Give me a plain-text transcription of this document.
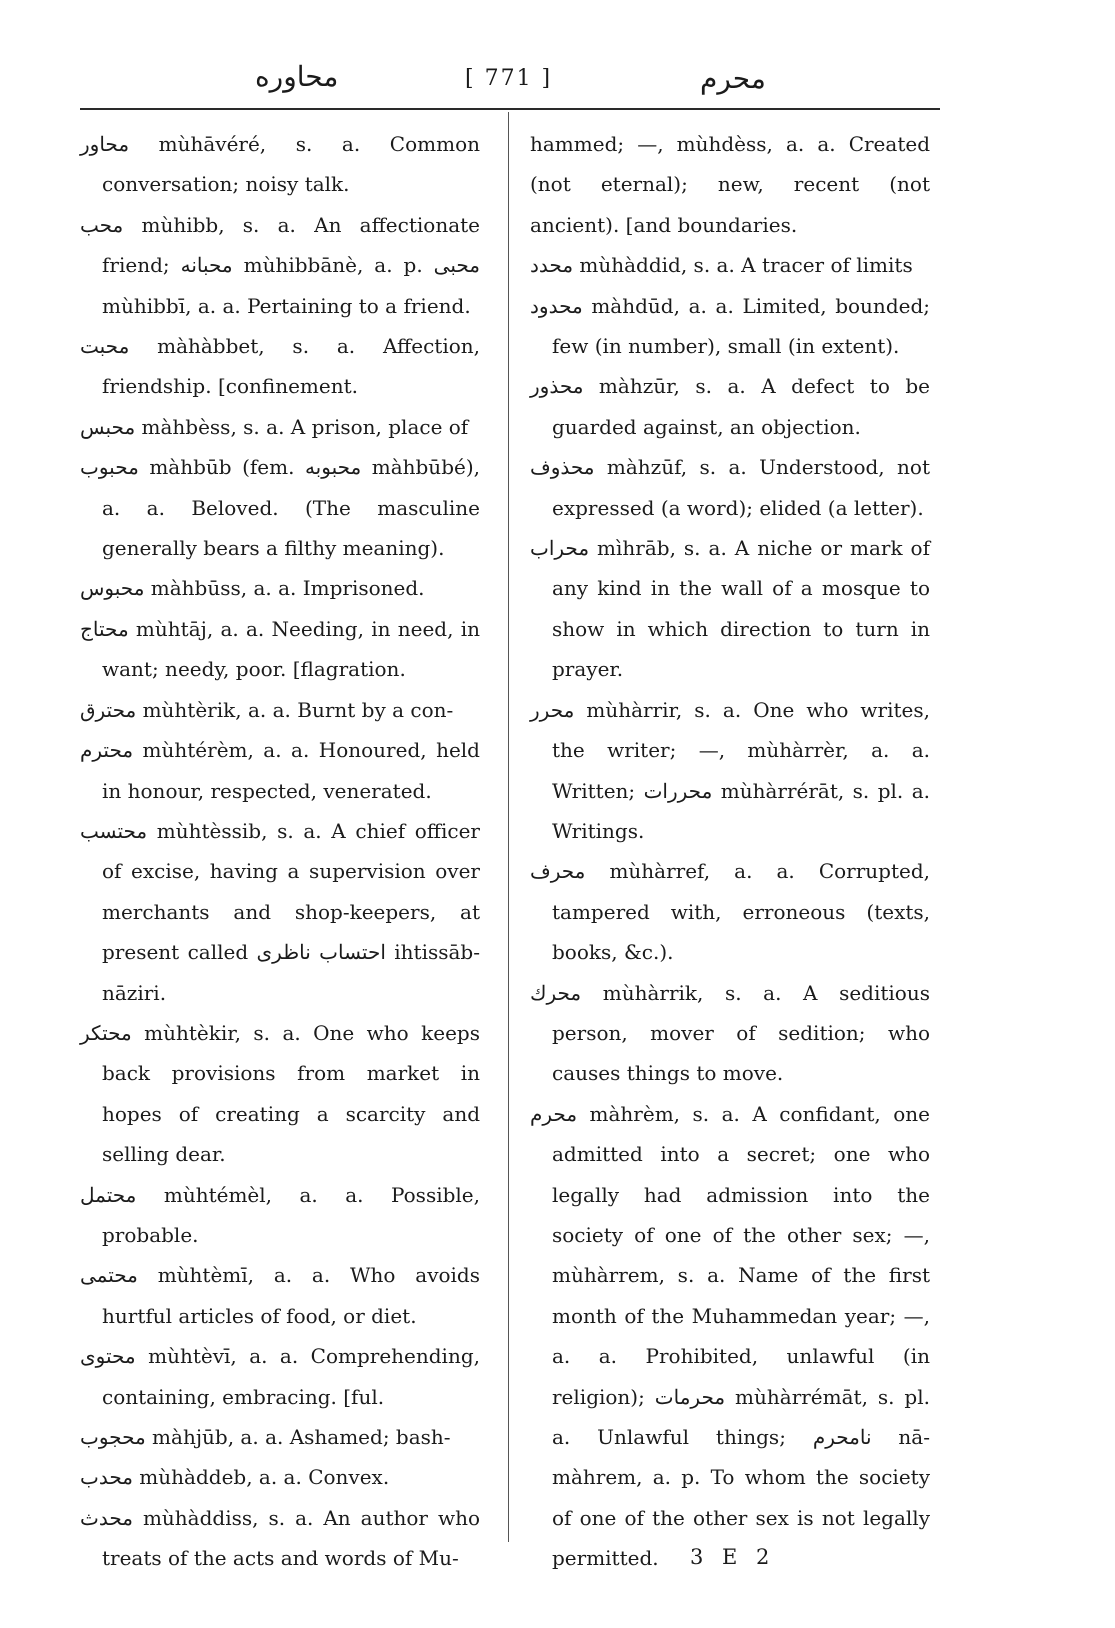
محاوره	[ 771 ]	محرم

محاور mùhāvéré, s. a. Common conversation; noisy talk.

محب mùhibb, s. a. An affectionate friend; محبانه mùhibbānè, a. p. محبی mùhibbī, a. a. Pertaining to a friend.

محبت màhàbbet, s. a. Affection, friendship. [confinement.

محبس màhbèss, s. a. A prison, place of

محبوب màhbūb (fem. محبوبه màhbūbé), a. a. Beloved. (The masculine generally bears a filthy meaning).

محبوس màhbūss, a. a. Imprisoned.

محتاج mùhtāj, a. a. Needing, in need, in want; needy, poor. [flagration.

محترق mùhtèrik, a. a. Burnt by a con-

محترم mùhtérèm, a. a. Honoured, held in honour, respected, venerated.

محتسب mùhtèssib, s. a. A chief officer of excise, having a supervision over merchants and shop-keepers, at present called احتساب ناظری ihtissāb-nāziri.

محتكر mùhtèkir, s. a. One who keeps back provisions from market in hopes of creating a scarcity and selling dear.

محتمل mùhtémèl, a. a. Possible, probable.

محتمی mùhtèmī, a. a. Who avoids hurtful articles of food, or diet.

محتوی mùhtèvī, a. a. Comprehending, containing, embracing. [ful.

محجوب màhjūb, a. a. Ashamed; bash-

محدب mùhàddeb, a. a. Convex.

محدث mùhàddiss, s. a. An author who treats of the acts and words of Mu-

hammed; —, mùhdèss, a. a. Created (not eternal); new, recent (not ancient). [and boundaries.

محدد mùhàddid, s. a. A tracer of limits

محدود màhdūd, a. a. Limited, bounded; few (in number), small (in extent).

محذور màhzūr, s. a. A defect to be guarded against, an objection.

محذوف màhzūf, s. a. Understood, not expressed (a word); elided (a letter).

محراب mìhrāb, s. a. A niche or mark of any kind in the wall of a mosque to show in which direction to turn in prayer.

محرر mùhàrrir, s. a. One who writes, the writer; —, mùhàrrèr, a. a. Written; محررات mùhàrrérāt, s. pl. a. Writings.

محرف mùhàrref, a. a. Corrupted, tampered with, erroneous (texts, books, &c.).

محرك mùhàrrik, s. a. A seditious person, mover of sedition; who causes things to move.

محرم màhrèm, s. a. A confidant, one admitted into a secret; one who legally had admission into the society of one of the other sex; —, mùhàrrem, s. a. Name of the first month of the Muhammedan year; —, a. a. Prohibited, unlawful (in religion); محرمات mùhàrrémāt, s. pl. a. Unlawful things; نامحرم nā-màhrem, a. p. To whom the society of one of the other sex is not legally permitted.	3 E 2
